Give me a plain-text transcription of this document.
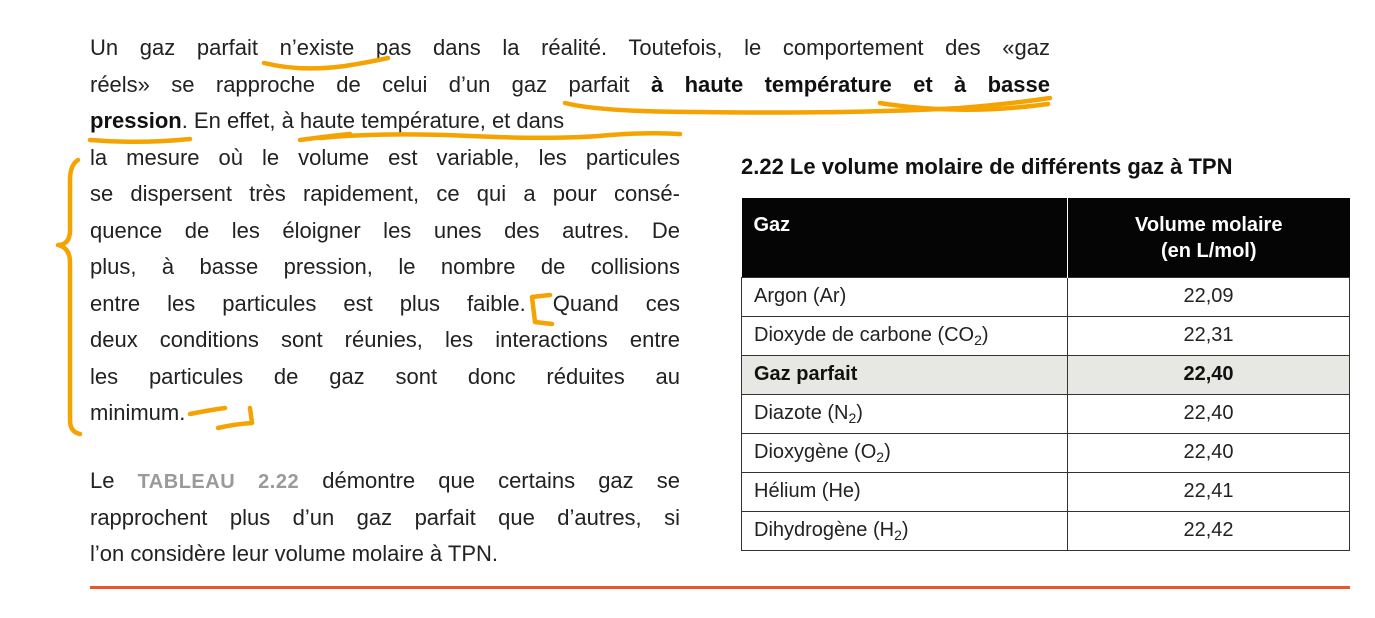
Un gaz parfait n’existe pas dans la réalité. Toutefois, le comportement des «gaz
réels» se rapproche de celui d’un gaz parfait à haute température et à basse
pression. En effet, à haute température, et dans
la mesure où le volume est variable, les particules
se dispersent très rapidement, ce qui a pour consé-
quence de les éloigner les unes des autres. De
plus, à basse pression, le nombre de collisions
entre les particules est plus faible. Quand ces
deux conditions sont réunies, les interactions entre
les particules de gaz sont donc réduites au
minimum.
Le TABLEAU 2.22 démontre que certains gaz se
rapprochent plus d’un gaz parfait que d’autres, si
l’on considère leur volume molaire à TPN.
2.22 Le volume molaire de différents gaz à TPN
Gaz	Volume molaire
(en L/mol)
Argon (Ar)	22,09
Dioxyde de carbone $(CO_2)$	22,31
Gaz parfait	22,40
Diazote $(N_2)$	22,40
Dioxygène $(O_2)$	22,40
Hélium (He)	22,41
Dihydrogène $(H_2)$	22,42
